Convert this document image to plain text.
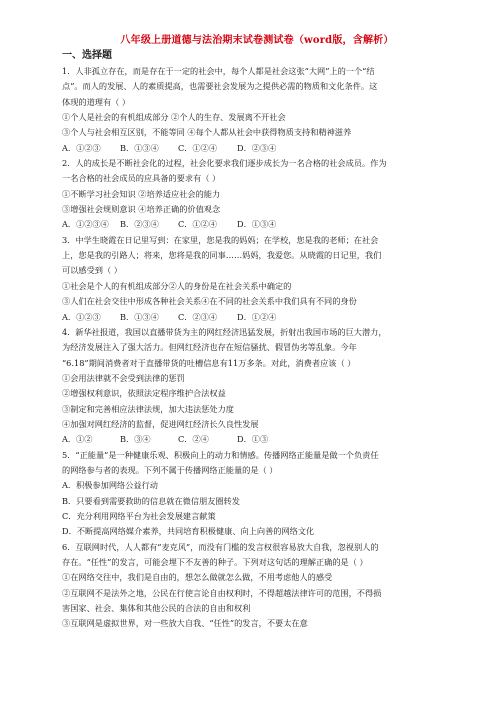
八年级上册道德与法治期末试卷测试卷（word版，含解析）
一、选择题
1．人非孤立存在，而是存在于一定的社会中，每个人都是社会这张“大网”上的一个“结
点”。而人的发展、人的素质提高，也需要社会发展为之提供必需的物质和文化条件。这
体现的道理有（ ）
①个人是社会的有机组成部分 ②个人的生存、发展离不开社会
③个人与社会相互区别，不能等同 ④每个人都从社会中获得物质支持和精神滋养
A．①②③	B．①③④	C．①②④	D．②③④
2．人的成长是不断社会化的过程，社会化要求我们逐步成长为一名合格的社会成员。作为
一名合格的社会成员的应具备的要求有（ ）
①不断学习社会知识 ②培养适应社会的能力
③增强社会规则意识 ④培养正确的价值观念
A．①②③④	B．②③④	C．①②④	D．①③④
3．中学生晓霞在日记里写到：在家里，您是我的妈妈；在学校，您是我的老师；在社会
上，您是我的引路人；将来，您将是我的同事……妈妈，我爱您。从晓霞的日记里，我们
可以感受到（ ）
①社会是个人的有机组成部分②人的身份是在社会关系中确定的
③人们在社会交往中形成各种社会关系④在不同的社会关系中我们具有不同的身份
A．①②③	B．①③④	C．②③④	D．①②④
4．新华社报道，我国以直播带货为主的网红经济迅猛发展，折射出我国市场的巨大潜力，
为经济发展注入了强大活力。但网红经济也存在短信骚扰、假冒伪劣等乱象。今年
“6.18”期间消费者对于直播带货的吐槽信息有11万多条。对此，消费者应该（ ）
①会用法律就不会受到法律的惩罚
②增强权利意识，依照法定程序维护合法权益
③制定和完善相应法律法规，加大违法惩处力度
④加强对网红经济的监督，促进网红经济长久良性发展
A．①②	B．③④	C．②④	D．①③
5．“正能量”是一种健康乐观、积极向上的动力和情感。传播网络正能量是做一个负责任
的网络参与者的表现。下列不属于传播网络正能量的是（ ）
A．积极参加网络公益行动
B．只要看到需要救助的信息就在微信朋友圈转发
C．充分利用网络平台为社会发展建言献策
D．不断提高网络媒介素养，共同培育积极健康、向上向善的网络文化
6．互联网时代，人人都有“麦克风”，而没有门槛的发言权很容易放大自我，忽视别人的
存在。“任性”的发言，可能会埋下不友善的种子。下列对这句话的理解正确的是（ ）
①在网络交往中，我们是自由的，想怎么做就怎么做，不用考虑他人的感受
②互联网不是法外之地，公民在行使言论自由权利时，不得超越法律许可的范围，不得损
害国家、社会、集体和其他公民的合法的自由和权利
③互联网是虚拟世界，对一些放大自我、“任性”的发言，不要太在意
